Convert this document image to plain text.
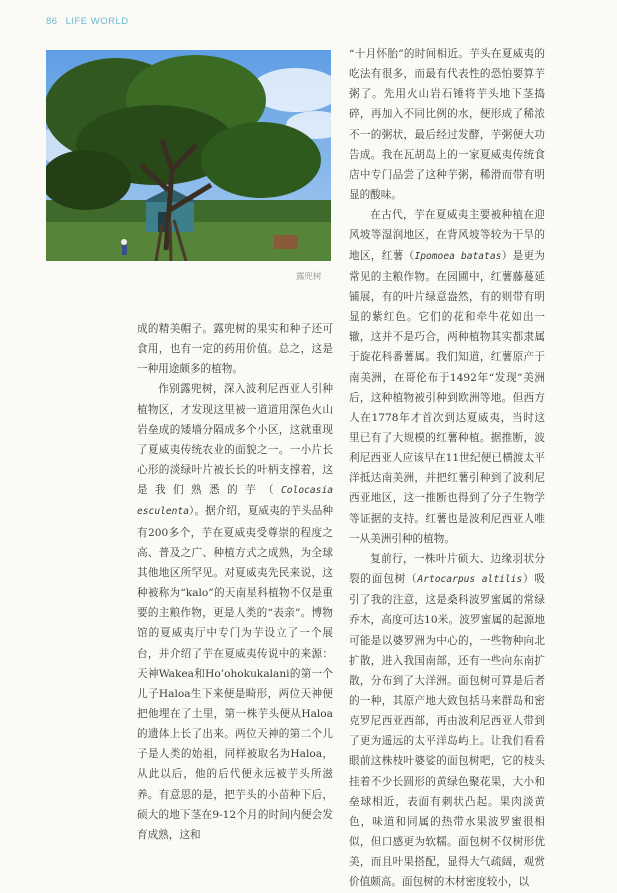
86 LIFE WORLD
露兜树

成的精美帽子。露兜树的果实和种子还可食用，也有一定的药用价值。总之，这是一种用途颇多的植物。

作别露兜树，深入波利尼西亚人引种植物区，才发现这里被一道道用深色火山岩垒成的矮墙分隔成多个小区，这就重现了夏威夷传统农业的面貌之一。一小片长心形的淡绿叶片被长长的叶柄支撑着，这是我们熟悉的芋（Colocasia esculenta）。据介绍，夏威夷的芋头品种有200多个，芋在夏威夷受尊崇的程度之高、普及之广、种植方式之成熟，为全球其他地区所罕见。对夏威夷先民来说，这种被称为“kalo”的天南星科植物不仅是重要的主粮作物，更是人类的“表亲”。博物馆的夏威夷厅中专门为芋设立了一个展台，并介绍了芋在夏威夷传说中的来源：天神Wakea和Ho’ohokukalani的第一个儿子Haloa生下来便是畸形，两位天神便把他埋在了土里，第一株芋头便从Haloa的遗体上长了出来。两位天神的第二个儿子是人类的始祖，同样被取名为Haloa，从此以后，他的后代便永远被芋头所滋养。有意思的是，把芋头的小苗种下后，硕大的地下茎在9-12个月的时间内便会发育成熟，这和

“十月怀胎”的时间相近。芋头在夏威夷的吃法有很多，而最有代表性的恐怕要算芋粥了。先用火山岩石锤将芋头地下茎捣碎，再加入不同比例的水，便形成了稀浓不一的粥状，最后经过发酵，芋粥便大功告成。我在瓦胡岛上的一家夏威夷传统食店中专门品尝了这种芋粥，稀滑而带有明显的酸味。

在古代，芋在夏威夷主要被种植在迎风坡等湿润地区，在背风坡等较为干旱的地区，红薯（Ipomoea batatas）是更为常见的主粮作物。在园圃中，红薯藤蔓延铺展，有的叶片绿意盎然，有的则带有明显的紫红色。它们的花和牵牛花如出一辙，这并不是巧合，两种植物其实都隶属于旋花科番薯属。我们知道，红薯原产于南美洲，在哥伦布于1492年“发现”美洲后，这种植物被引种到欧洲等地。但西方人在1778年才首次到达夏威夷，当时这里已有了大规模的红薯种植。据推断，波利尼西亚人应该早在11世纪便已横渡太平洋抵达南美洲，并把红薯引种到了波利尼西亚地区，这一推断也得到了分子生物学等证据的支持。红薯也是波利尼西亚人唯一从美洲引种的植物。

复前行，一株叶片硕大、边缘羽状分裂的面包树（Artocarpus altilis）吸引了我的注意，这是桑科波罗蜜属的常绿乔木，高度可达10米。波罗蜜属的起源地可能是以婆罗洲为中心的，一些物种向北扩散，进入我国南部，还有一些向东南扩散，分布到了大洋洲。面包树可算是后者的一种，其原产地大致包括马来群岛和密克罗尼西亚西部，再由波利尼西亚人带到了更为遥远的太平洋岛屿上。让我们看看眼前这株枝叶婆娑的面包树吧，它的枝头挂着不少长圆形的黄绿色聚花果，大小和垒球相近，表面有刺状凸起。果肉淡黄色，味道和同属的热带水果波罗蜜很相似，但口感更为软糯。面包树不仅树形优美，而且叶果搭配，显得大气疏阔，观赏价值颇高。面包树的木材密度较小，以
